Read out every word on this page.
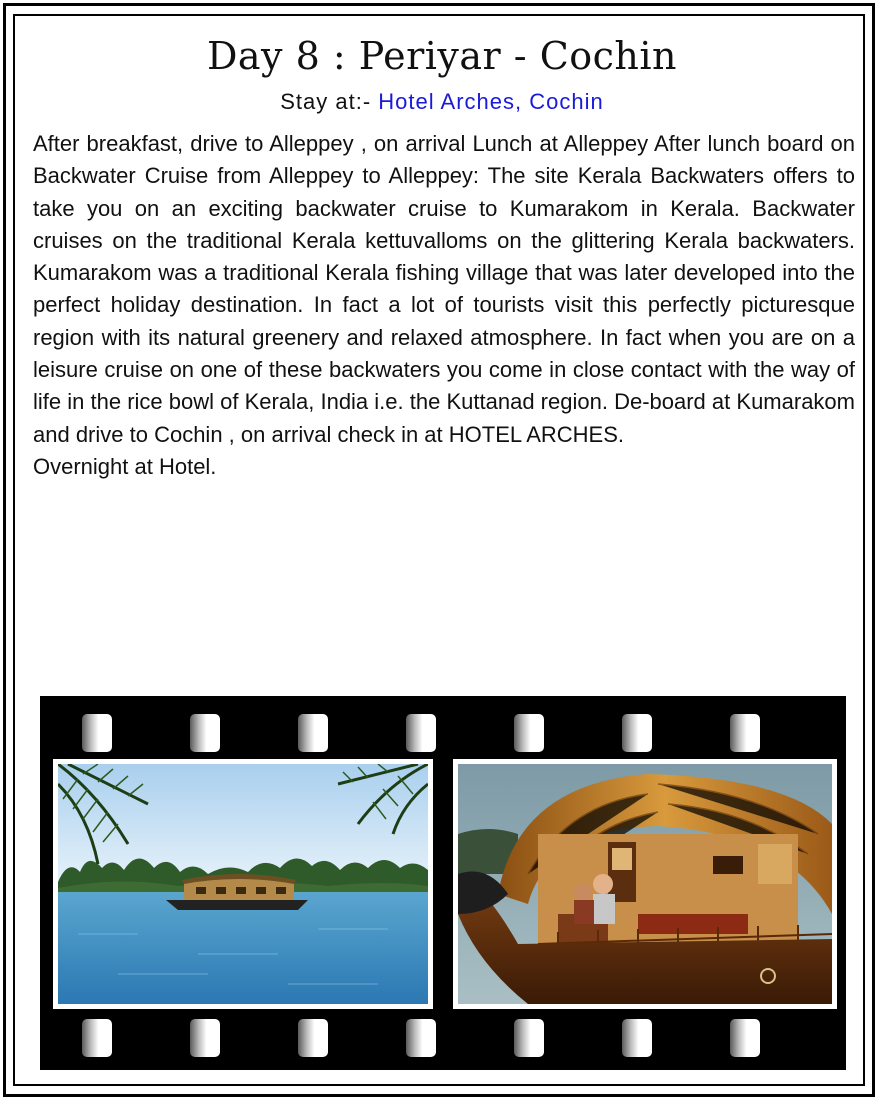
Day 8 : Periyar - Cochin
Stay at:- Hotel Arches, Cochin

After breakfast, drive to Alleppey , on arrival Lunch at Alleppey After lunch board on Backwater Cruise from Alleppey to Alleppey: The site Kerala Backwaters offers to take you on an exciting backwater cruise to Kumarakom in Kerala. Backwater cruises on the traditional Kerala kettuvalloms on the glittering Kerala backwaters. Kumarakom was a traditional Kerala fishing village that was later developed into the perfect holiday destination. In fact a lot of tourists visit this perfectly picturesque region with its natural greenery and relaxed atmosphere. In fact when you are on a leisure cruise on one of these backwaters you come in close contact with the way of life in the rice bowl of Kerala, India i.e. the Kuttanad region. De-board at Kumarakom and drive to Cochin , on arrival check in at HOTEL ARCHES.

Overnight at Hotel.
